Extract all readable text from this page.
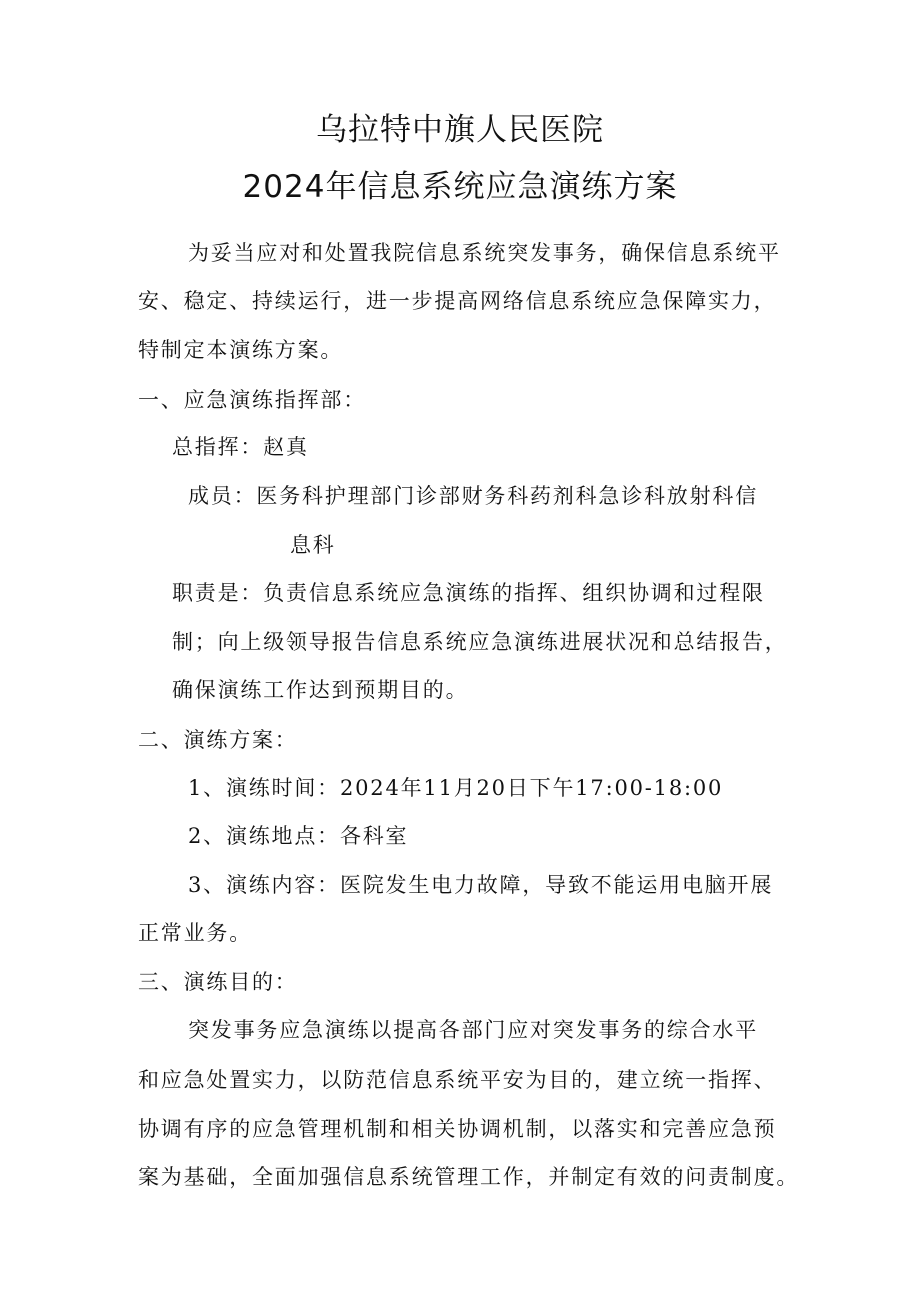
乌拉特中旗人民医院
2024年信息系统应急演练方案
为妥当应对和处置我院信息系统突发事务，确保信息系统平
安、稳定、持续运行，进一步提高网络信息系统应急保障实力，
特制定本演练方案。
一、应急演练指挥部：
总指挥：赵真
成员：医务科护理部门诊部财务科药剂科急诊科放射科信
息科
职责是：负责信息系统应急演练的指挥、组织协调和过程限
制；向上级领导报告信息系统应急演练进展状况和总结报告，
确保演练工作达到预期目的。
二、演练方案：
1、演练时间：2024年11月20日下午17:00-18:00
2、演练地点：各科室
3、演练内容：医院发生电力故障，导致不能运用电脑开展
正常业务。
三、演练目的：
突发事务应急演练以提高各部门应对突发事务的综合水平
和应急处置实力，以防范信息系统平安为目的，建立统一指挥、
协调有序的应急管理机制和相关协调机制，以落实和完善应急预
案为基础，全面加强信息系统管理工作，并制定有效的问责制度。
